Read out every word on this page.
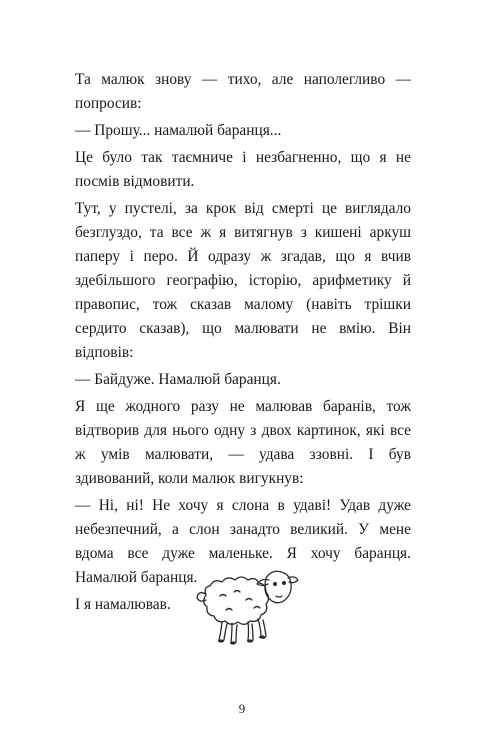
Та малюк знову — тихо, але наполегливо — попросив:

— Прошу... намалюй баранця...

Це було так таємниче і незбагненно, що я не посмів відмовити.

Тут, у пустелі, за крок від смерті це виглядало безглуздо, та все ж я витягнув з кишені аркуш паперу і перо. Й одразу ж згадав, що я вчив здебільшого географію, історію, арифметику й правопис, тож сказав малому (навіть трішки сердито сказав), що малювати не вмію. Він відповів:

— Байдуже. Намалюй баранця.

Я ще жодного разу не малював баранів, тож відтворив для нього одну з двох картинок, які все ж умів малювати, — удава ззовні. І був здивований, коли малюк вигукнув:

— Ні, ні! Не хочу я слона в удаві! Удав дуже небезпечний, а слон занадто великий. У мене вдома все дуже маленьке. Я хочу баранця. Намалюй баранця.

І я намалював.

9
